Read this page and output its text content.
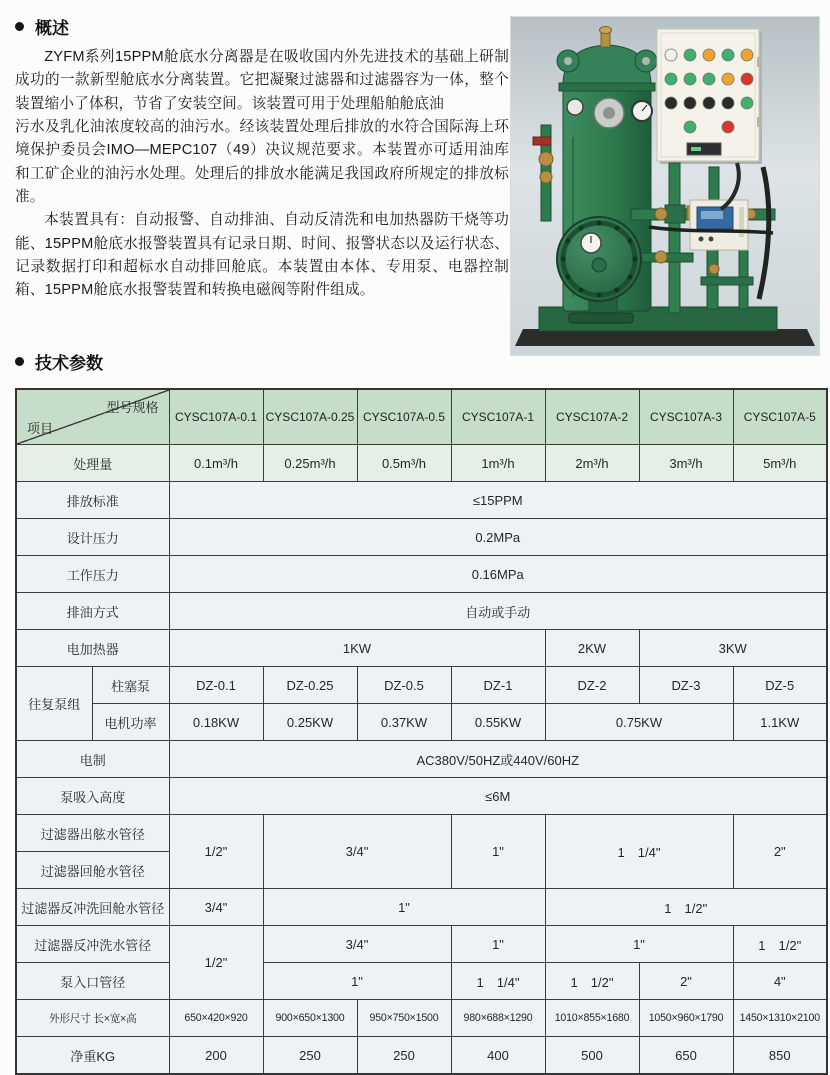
概述

ZYFM系列15PPM舱底水分离器是在吸收国内外先进技术的基础上研制成功的一款新型舱底水分离装置。它把凝聚过滤器和过滤器容为一体，整个装置缩小了体积，节省了安装空间。该装置可用于处理船舶舱底油

污水及乳化油浓度较高的油污水。经该装置处理后排放的水符合国际海上环境保护委员会IMO—MEPC107（49）决议规范要求。本装置亦可适用油库和工矿企业的油污水处理。处理后的排放水能满足我国政府所规定的排放标准。

本装置具有：自动报警、自动排油、自动反清洗和电加热器防干烧等功能、15PPM舱底水报警装置具有记录日期、时间、报警状态以及运行状态、记录数据打印和超标水自动排回舱底。本装置由本体、专用泵、电器控制箱、15PPM舱底水报警装置和转换电磁阀等附件组成。

技术参数
型号规格
项目		CYSC107A-0.1	CYSC107A-0.25	CYSC107A-0.5	CYSC107A-1	CYSC107A-2	CYSC107A-3	CYSC107A-5
处理量		0.1m³/h	0.25m³/h	0.5m³/h	1m³/h	2m³/h	3m³/h	5m³/h
排放标准		≤15PPM						
设计压力		0.2MPa						
工作压力		0.16MPa						
排油方式		自动或手动						
电加热器		1KW				2KW	3KW	
往复泵组	柱塞泵	DZ-0.1	DZ-0.25	DZ-0.5	DZ-1	DZ-2	DZ-3	DZ-5
	电机功率	0.18KW	0.25KW	0.37KW	0.55KW	0.75KW		1.1KW
电制		AC380V/50HZ或440V/60HZ						
泵吸入高度		≤6M						
过滤器出舷水管径		1/2"	3/4"		1"	1　1/4"		2"
过滤器回舱水管径								
过滤器反冲洗回舱水管径		3/4"	1"			1　1/2"		
过滤器反冲洗水管径		1/2"	3/4"		1"	1"		1　1/2"
泵入口管径			1"		1　1/4"	1　1/2"	2"	4"
外形尺寸 长×宽×高		650×420×920	900×650×1300	950×750×1500	980×688×1290	1010×855×1680	1050×960×1790	1450×1310×2100
净重KG		200	250	250	400	500	650	850
